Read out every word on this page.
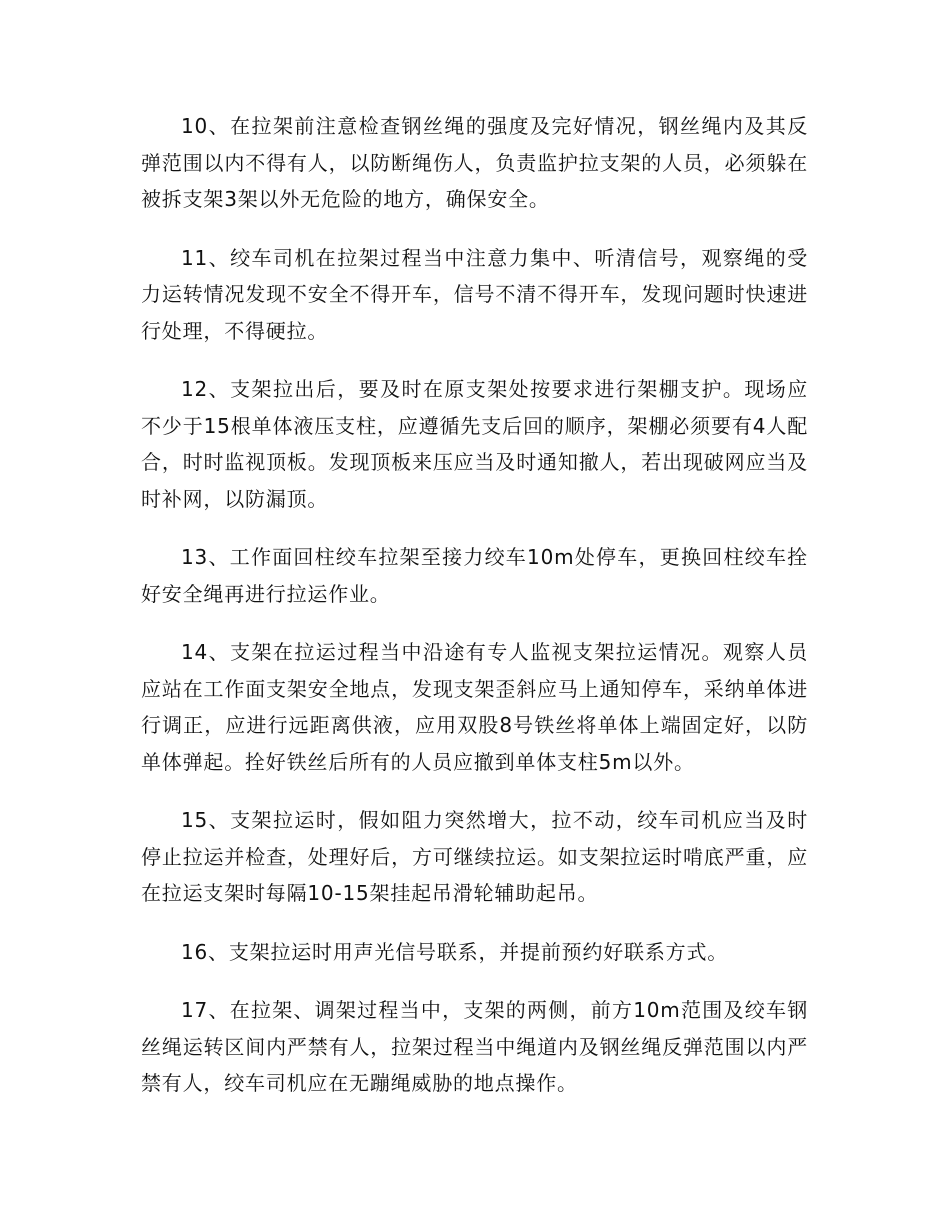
10、在拉架前注意检查钢丝绳的强度及完好情况，钢丝绳内及其反弹范围以内不得有人，以防断绳伤人，负责监护拉支架的人员，必须躲在被拆支架3架以外无危险的地方，确保安全。

11、绞车司机在拉架过程当中注意力集中、听清信号，观察绳的受力运转情况发现不安全不得开车，信号不清不得开车，发现问题时快速进行处理，不得硬拉。

12、支架拉出后，要及时在原支架处按要求进行架棚支护。现场应不少于15根单体液压支柱，应遵循先支后回的顺序，架棚必须要有4人配合，时时监视顶板。发现顶板来压应当及时通知撤人，若出现破网应当及时补网，以防漏顶。

13、工作面回柱绞车拉架至接力绞车10m处停车，更换回柱绞车拴好安全绳再进行拉运作业。

14、支架在拉运过程当中沿途有专人监视支架拉运情况。观察人员应站在工作面支架安全地点，发现支架歪斜应马上通知停车，采纳单体进行调正，应进行远距离供液，应用双股8号铁丝将单体上端固定好，以防单体弹起。拴好铁丝后所有的人员应撤到单体支柱5m以外。

15、支架拉运时，假如阻力突然增大，拉不动，绞车司机应当及时停止拉运并检查，处理好后，方可继续拉运。如支架拉运时啃底严重，应在拉运支架时每隔10-15架挂起吊滑轮辅助起吊。

16、支架拉运时用声光信号联系，并提前预约好联系方式。

17、在拉架、调架过程当中，支架的两侧，前方10m范围及绞车钢丝绳运转区间内严禁有人，拉架过程当中绳道内及钢丝绳反弹范围以内严禁有人，绞车司机应在无蹦绳威胁的地点操作。
